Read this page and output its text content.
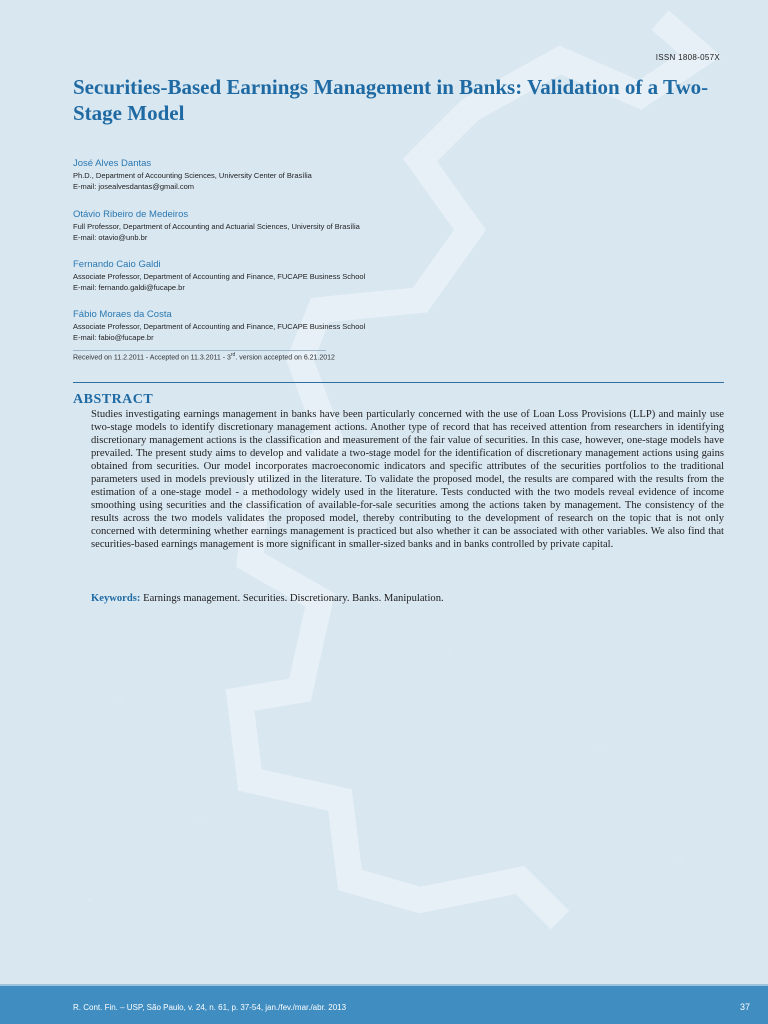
ISSN 1808-057X
Securities-Based Earnings Management in Banks: Validation of a Two-Stage Model
José Alves Dantas
Ph.D., Department of Accounting Sciences, University Center of Brasília
E-mail: josealvesdantas@gmail.com
Otávio Ribeiro de Medeiros
Full Professor, Department of Accounting and Actuarial Sciences, University of Brasília
E-mail: otavio@unb.br
Fernando Caio Galdi
Associate Professor, Department of Accounting and Finance, FUCAPE Business School
E-mail: fernando.galdi@fucape.br
Fábio Moraes da Costa
Associate Professor, Department of Accounting and Finance, FUCAPE Business School
E-mail: fabio@fucape.br
Received on 11.2.2011 - Accepted on 11.3.2011 - 3rd. version accepted on 6.21.2012
ABSTRACT

Studies investigating earnings management in banks have been particularly concerned with the use of Loan Loss Provisions (LLP) and mainly use two-stage models to identify discretionary management actions. Another type of record that has received attention from researchers in identifying discretionary management actions is the classification and measurement of the fair value of securities. In this case, however, one-stage models have prevailed. The present study aims to develop and validate a two-stage model for the identification of discretionary management actions using gains obtained from securities. Our model incorporates macroeconomic indicators and specific attributes of the securities portfolios to the traditional parameters used in models previously utilized in the literature. To validate the proposed model, the results are compared with the results from the estimation of a one-stage model - a methodology widely used in the literature. Tests conducted with the two models reveal evidence of income smoothing using securities and the classification of available-for-sale securities among the actions taken by management. The consistency of the results across the two models validates the proposed model, thereby contributing to the development of research on the topic that is not only concerned with determining whether earnings management is practiced but also whether it can be associated with other variables. We also find that securities-based earnings management is more significant in smaller-sized banks and in banks controlled by private capital.

Keywords: Earnings management. Securities. Discretionary. Banks. Manipulation.
R. Cont. Fin. – USP, São Paulo, v. 24, n. 61, p. 37-54, jan./fev./mar./abr. 2013	37
